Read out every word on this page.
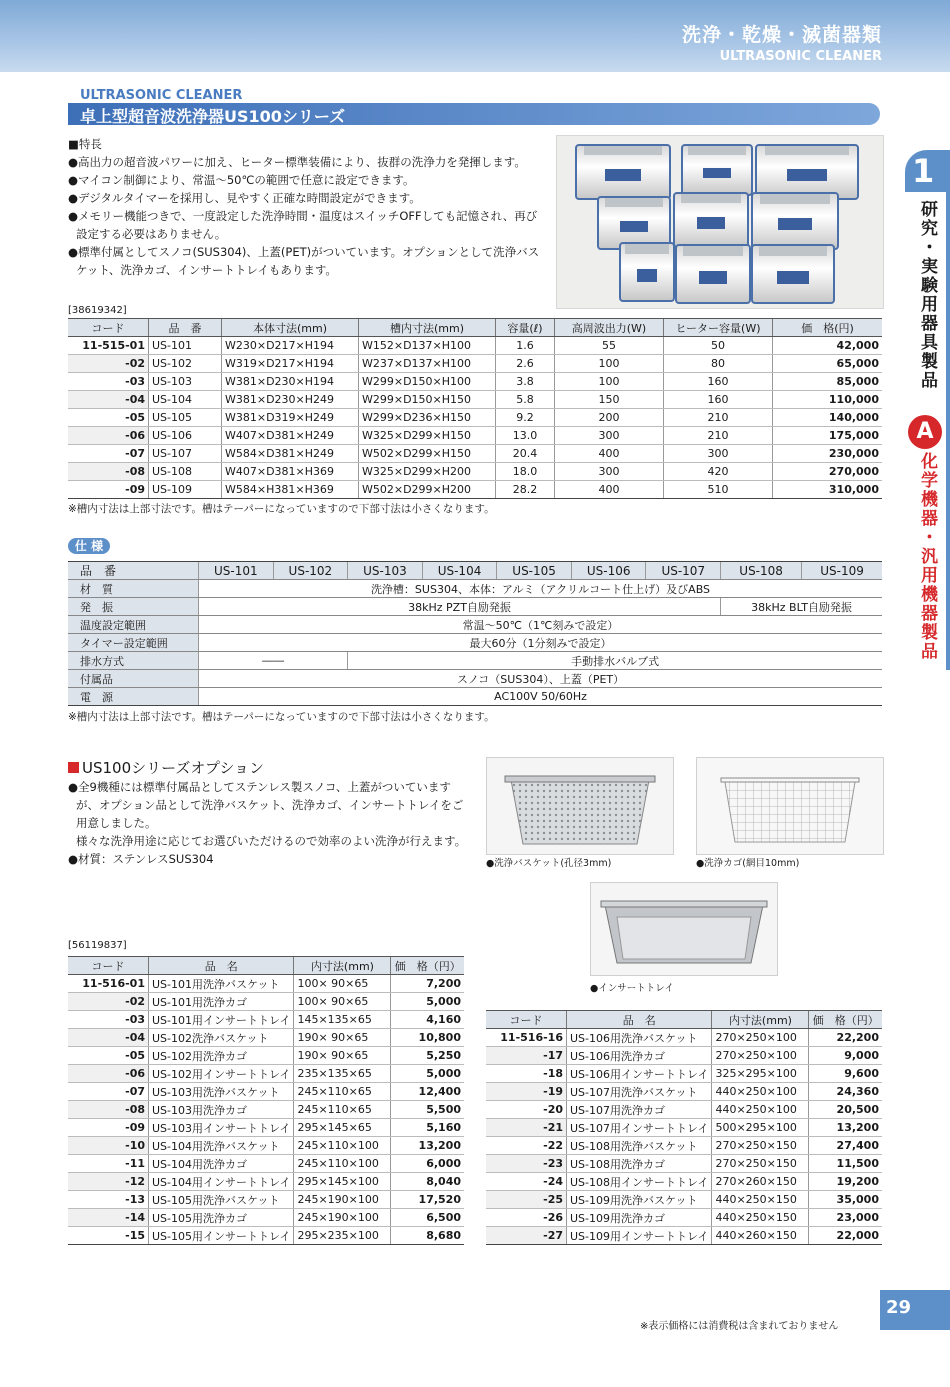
洗浄・乾燥・滅菌器類
ULTRASONIC CLEANER
1
研究・実験用器具製品
A
化学機器・汎用機器製品
ULTRASONIC CLEANER
卓上型超音波洗浄器US100シリーズ
■特長
●高出力の超音波パワーに加え、ヒーター標準装備により、抜群の洗浄力を発揮します。
●マイコン制御により、常温～50℃の範囲で任意に設定できます。
●デジタルタイマーを採用し、見やすく正確な時間設定ができます。
●メモリー機能つきで、一度設定した洗浄時間・温度はスイッチOFFしても記憶され、再び設定する必要はありません。
●標準付属としてスノコ(SUS304)、上蓋(PET)がついています。オプションとして洗浄バスケット、洗浄カゴ、インサートトレイもあります。
[38619342]
コード	品　番	本体寸法(mm)	槽内寸法(mm)	容量(ℓ)	高周波出力(W)	ヒーター容量(W)	価　格(円)
11-515-01	US-101	W230×D217×H194	W152×D137×H100	1.6	55	50	42,000
-02	US-102	W319×D217×H194	W237×D137×H100	2.6	100	80	65,000
-03	US-103	W381×D230×H194	W299×D150×H100	3.8	100	160	85,000
-04	US-104	W381×D230×H249	W299×D150×H150	5.8	150	160	110,000
-05	US-105	W381×D319×H249	W299×D236×H150	9.2	200	210	140,000
-06	US-106	W407×D381×H249	W325×D299×H150	13.0	300	210	175,000
-07	US-107	W584×D381×H249	W502×D299×H150	20.4	400	300	230,000
-08	US-108	W407×D381×H369	W325×D299×H200	18.0	300	420	270,000
-09	US-109	W584×H381×H369	W502×D299×H200	28.2	400	510	310,000
※槽内寸法は上部寸法です。槽はテーパーになっていますので下部寸法は小さくなります。
仕 様
品　番	US-101	US-102	US-103	US-104	US-105	US-106	US-107	US-108	US-109
材　質	洗浄槽：SUS304、本体：アルミ（アクリルコート仕上げ）及びABS								
発　振	38kHz PZT自励発振							38kHz BLT自励発振	
温度設定範囲	常温～50℃（1℃刻みで設定）								
タイマー設定範囲	最大60分（1分刻みで設定）								
排水方式	――		手動排水バルブ式						
付属品	スノコ（SUS304）、上蓋（PET）								
電　源	AC100V 50/60Hz								
※槽内寸法は上部寸法です。槽はテーパーになっていますので下部寸法は小さくなります。
US100シリーズオプション
●全9機種には標準付属品としてステンレス製スノコ、上蓋がついていますが、オプション品として洗浄バスケット、洗浄カゴ、インサートトレイをご用意しました。
様々な洗浄用途に応じてお選びいただけるので効率のよい洗浄が行えます。
●材質：ステンレスSUS304	●洗浄バスケット(孔径3mm)	●洗浄カゴ(網目10mm)
●インサートトレイ
[56119837]
コード	品　名	内寸法(mm)	価　格（円）
11-516-01	US-101用洗浄バスケット	100× 90×65	7,200
-02	US-101用洗浄カゴ	100× 90×65	5,000
-03	US-101用インサートトレイ	145×135×65	4,160
-04	US-102洗浄バスケット	190× 90×65	10,800
-05	US-102用洗浄カゴ	190× 90×65	5,250
-06	US-102用インサートトレイ	235×135×65	5,000
-07	US-103用洗浄バスケット	245×110×65	12,400
-08	US-103用洗浄カゴ	245×110×65	5,500
-09	US-103用インサートトレイ	295×145×65	5,160
-10	US-104用洗浄バスケット	245×110×100	13,200
-11	US-104用洗浄カゴ	245×110×100	6,000
-12	US-104用インサートトレイ	295×145×100	8,040
-13	US-105用洗浄バスケット	245×190×100	17,520
-14	US-105用洗浄カゴ	245×190×100	6,500
-15	US-105用インサートトレイ	295×235×100	8,680
コード	品　名	内寸法(mm)	価　格（円）
11-516-16	US-106用洗浄バスケット	270×250×100	22,200
-17	US-106用洗浄カゴ	270×250×100	9,000
-18	US-106用インサートトレイ	325×295×100	9,600
-19	US-107用洗浄バスケット	440×250×100	24,360
-20	US-107用洗浄カゴ	440×250×100	20,500
-21	US-107用インサートトレイ	500×295×100	13,200
-22	US-108用洗浄バスケット	270×250×150	27,400
-23	US-108用洗浄カゴ	270×250×150	11,500
-24	US-108用インサートトレイ	270×260×150	19,200
-25	US-109用洗浄バスケット	440×250×150	35,000
-26	US-109用洗浄カゴ	440×250×150	23,000
-27	US-109用インサートトレイ	440×260×150	22,000
29
※表示価格には消費税は含まれておりません
